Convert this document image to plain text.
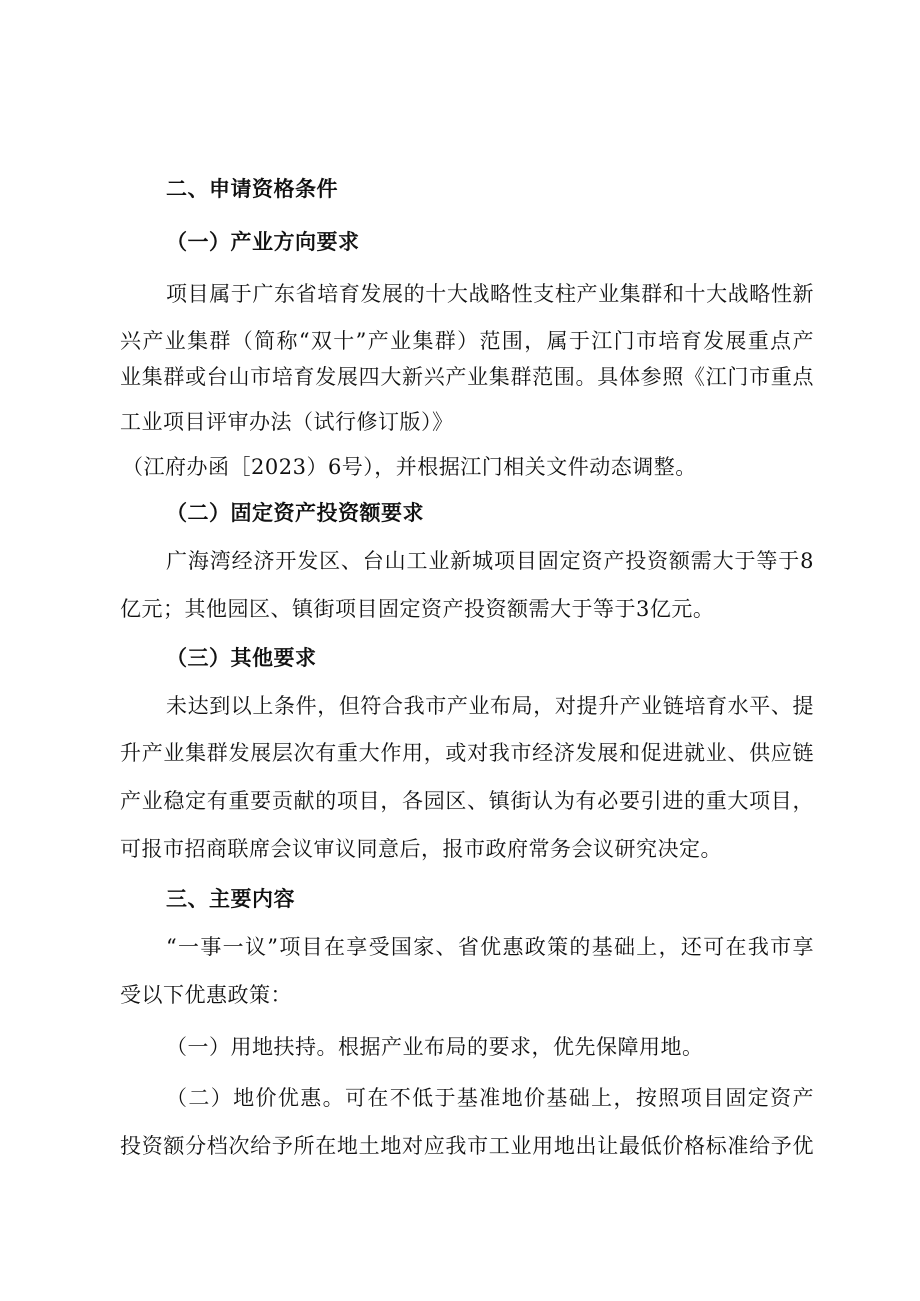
二、申请资格条件
（一）产业方向要求
项目属于广东省培育发展的十大战略性支柱产业集群和十大战略性新
兴产业集群（简称“双十”产业集群）范围，属于江门市培育发展重点产
业集群或台山市培育发展四大新兴产业集群范围。具体参照《江门市重点
工业项目评审办法（试行修订版）》
（江府办函［2023）6号），并根据江门相关文件动态调整。
（二）固定资产投资额要求
广海湾经济开发区、台山工业新城项目固定资产投资额需大于等于8
亿元；其他园区、镇街项目固定资产投资额需大于等于3亿元。
（三）其他要求
未达到以上条件，但符合我市产业布局，对提升产业链培育水平、提
升产业集群发展层次有重大作用，或对我市经济发展和促进就业、供应链
产业稳定有重要贡献的项目，各园区、镇街认为有必要引进的重大项目，
可报市招商联席会议审议同意后，报市政府常务会议研究决定。
三、主要内容
“一事一议”项目在享受国家、省优惠政策的基础上，还可在我市享
受以下优惠政策：
（一）用地扶持。根据产业布局的要求，优先保障用地。
（二）地价优惠。可在不低于基准地价基础上，按照项目固定资产
投资额分档次给予所在地土地对应我市工业用地出让最低价格标准给予优
